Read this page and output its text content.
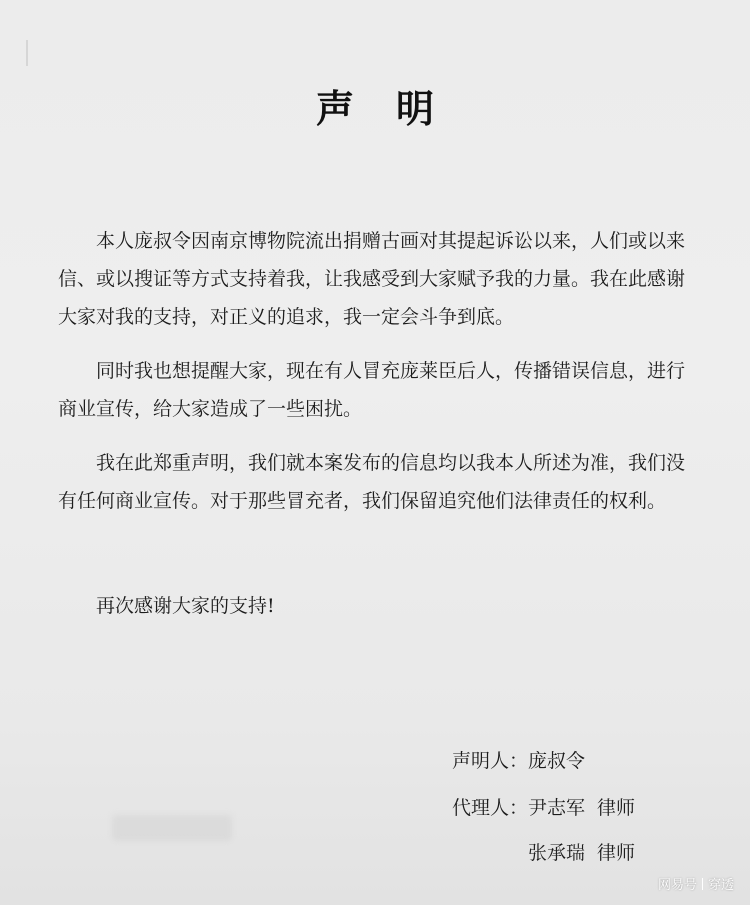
声明

本人庞叔令因南京博物院流出捐赠古画对其提起诉讼以来，人们或以来信、或以搜证等方式支持着我，让我感受到大家赋予我的力量。我在此感谢大家对我的支持，对正义的追求，我一定会斗争到底。

同时我也想提醒大家，现在有人冒充庞莱臣后人，传播错误信息，进行商业宣传，给大家造成了一些困扰。

我在此郑重声明，我们就本案发布的信息均以我本人所述为准，我们没有任何商业宣传。对于那些冒充者，我们保留追究他们法律责任的权利。

再次感谢大家的支持!
声明人：庞叔令
代理人：尹志军 律师
张承瑞 律师
网易号 穿透
